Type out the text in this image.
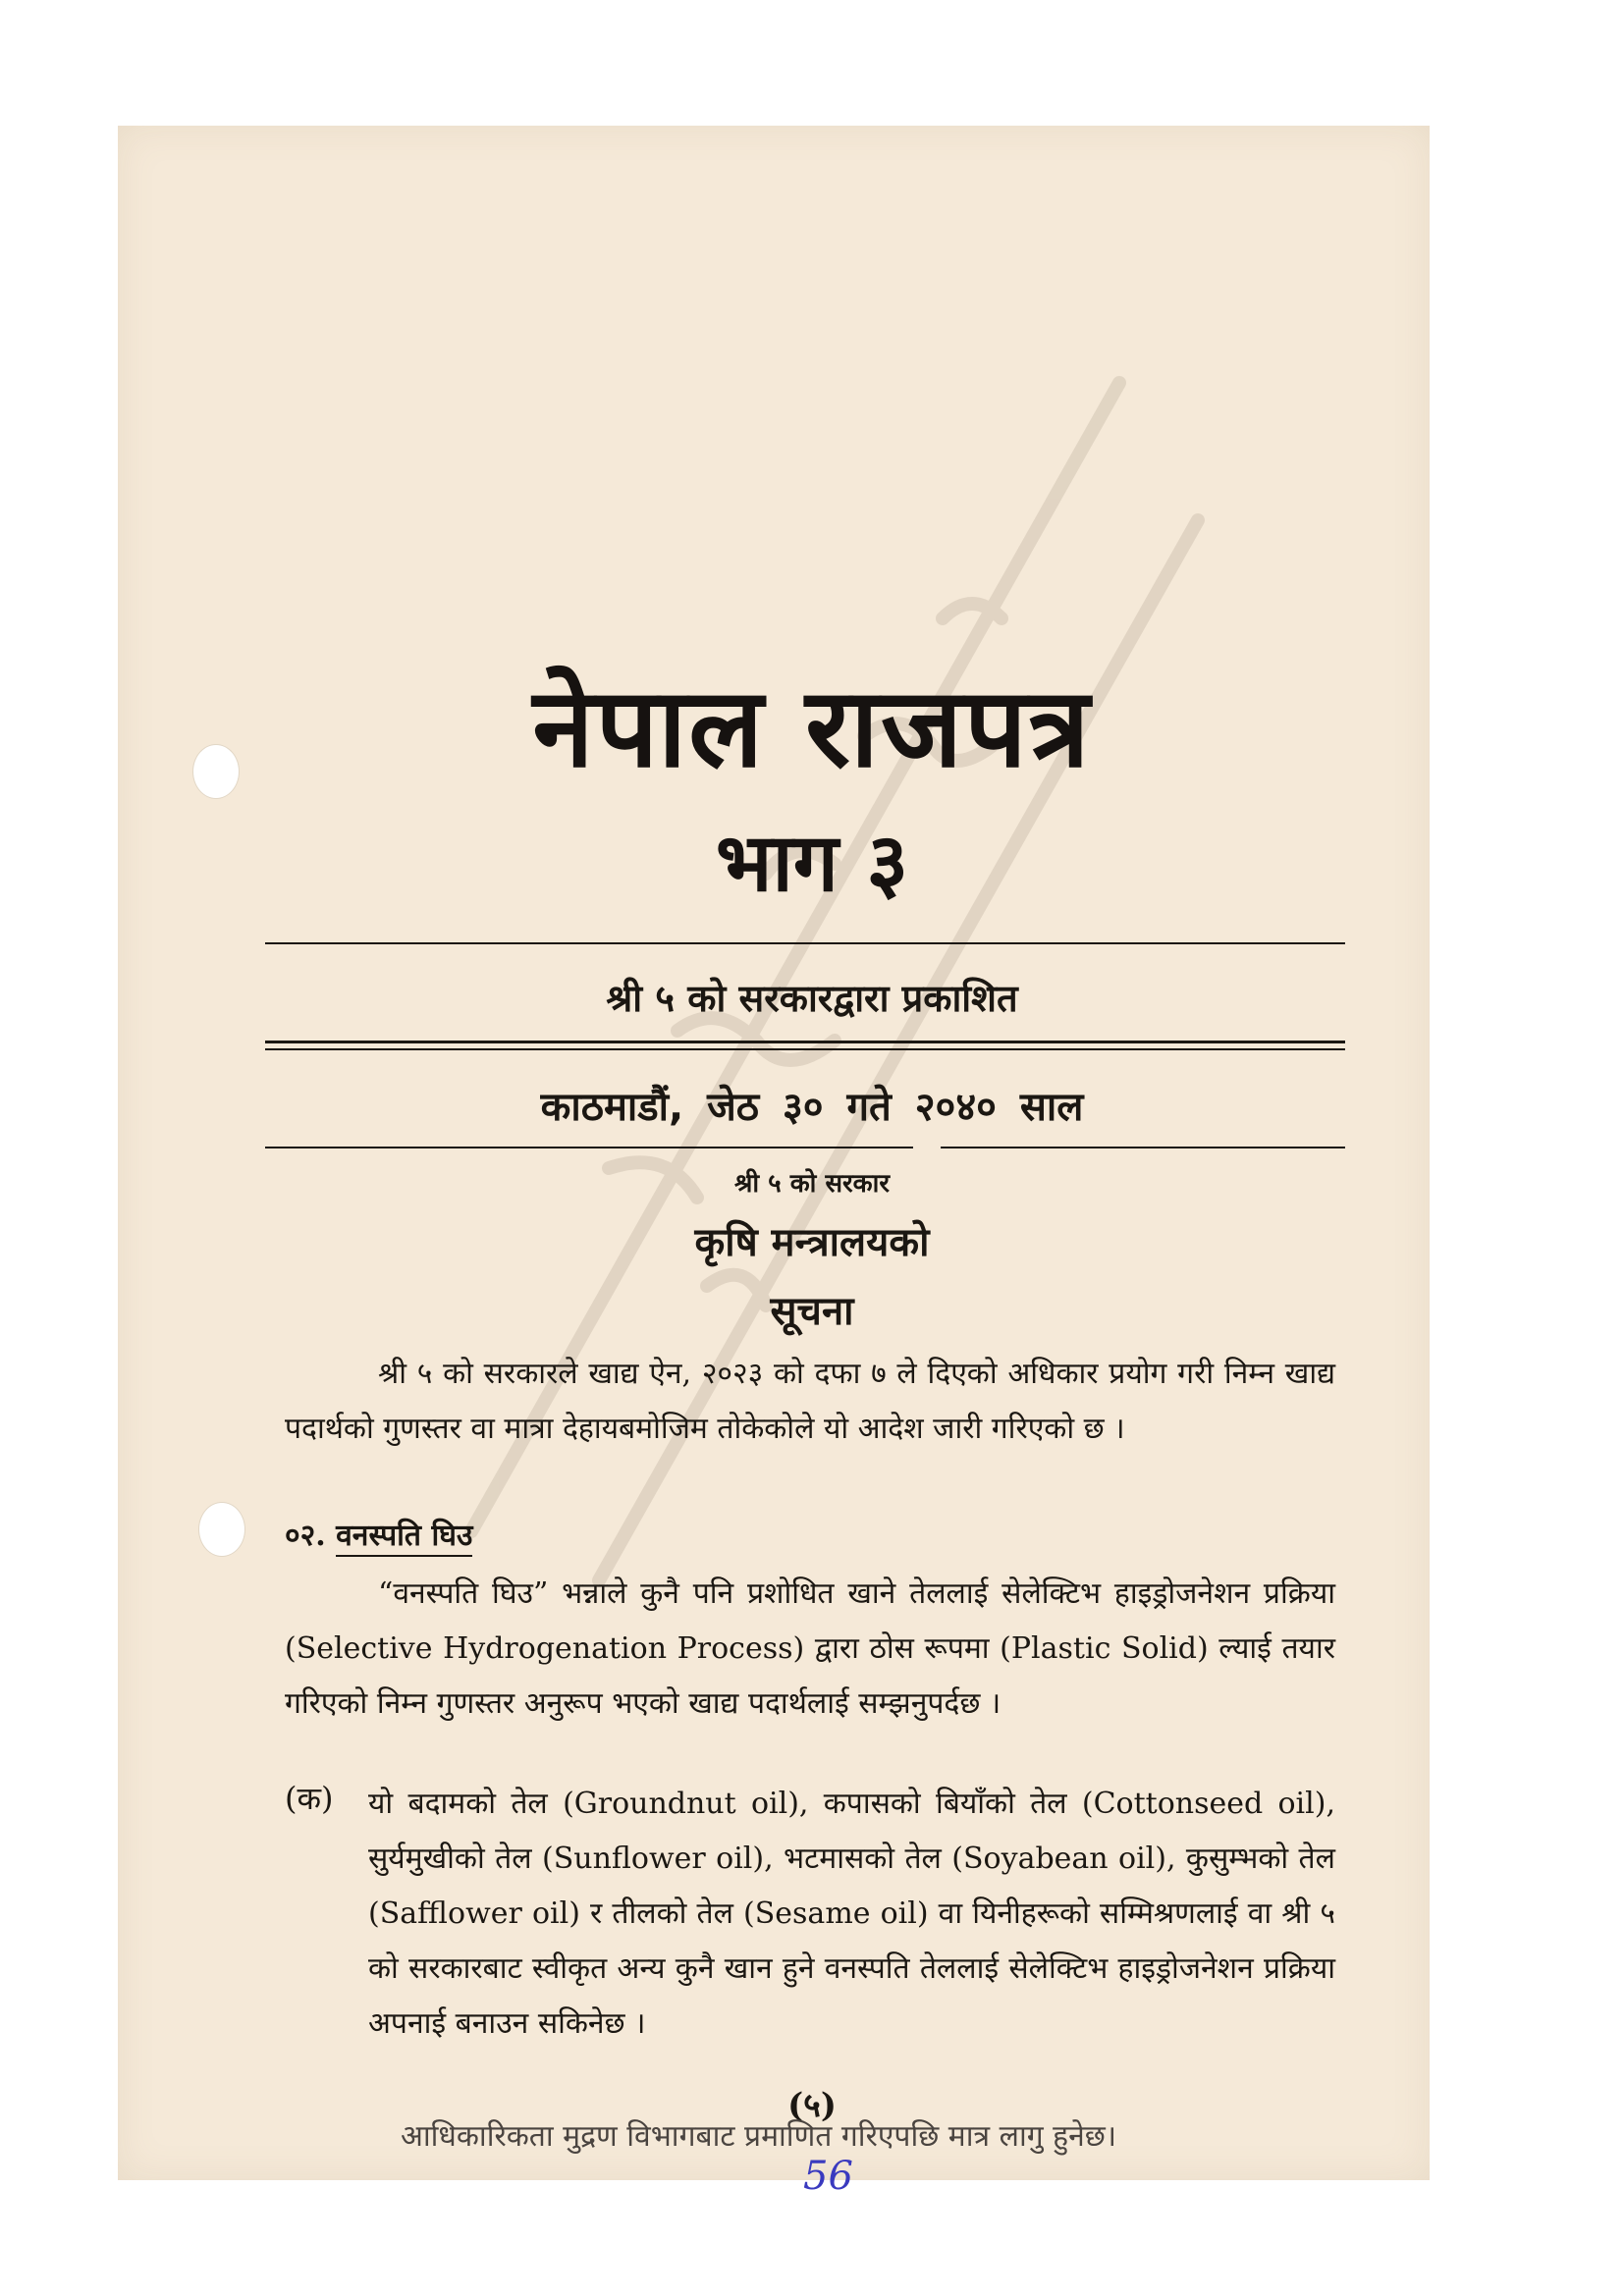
नेपाल राजपत्र
भाग ३
श्री ५ को सरकारद्वारा प्रकाशित
काठमाडौं, जेठ ३० गते २०४० साल
श्री ५ को सरकार
कृषि मन्त्रालयको
सूचना
श्री ५ को सरकारले खाद्य ऐन, २०२३ को दफा ७ ले दिएको अधिकार प्रयोग गरी निम्न खाद्य पदार्थको गुणस्तर वा मात्रा देहायबमोजिम तोकेकोले यो आदेश जारी गरिएको छ ।
०२. वनस्पति घिउ
“वनस्पति घिउ” भन्नाले कुनै पनि प्रशोधित खाने तेललाई सेलेक्टिभ हाइड्रोजनेशन प्रक्रिया (Selective Hydrogenation Process) द्वारा ठोस रूपमा (Plastic Solid) ल्याई तयार गरिएको निम्न गुणस्तर अनुरूप भएको खाद्य पदार्थलाई सम्झनुपर्दछ ।
(क) यो बदामको तेल (Groundnut oil), कपासको बियाँको तेल (Cottonseed oil), सुर्यमुखीको तेल (Sunflower oil), भटमासको तेल (Soyabean oil), कुसुम्भको तेल (Safflower oil) र तीलको तेल (Sesame oil) वा यिनीहरूको सम्मिश्रणलाई वा श्री ५ को सरकारबाट स्वीकृत अन्य कुनै खान हुने वनस्पति तेललाई सेलेक्टिभ हाइड्रोजनेशन प्रक्रिया अपनाई बनाउन सकिनेछ ।
(५)
आधिकारिकता मुद्रण विभागबाट प्रमाणित गरिएपछि मात्र लागु हुनेछ।
56
